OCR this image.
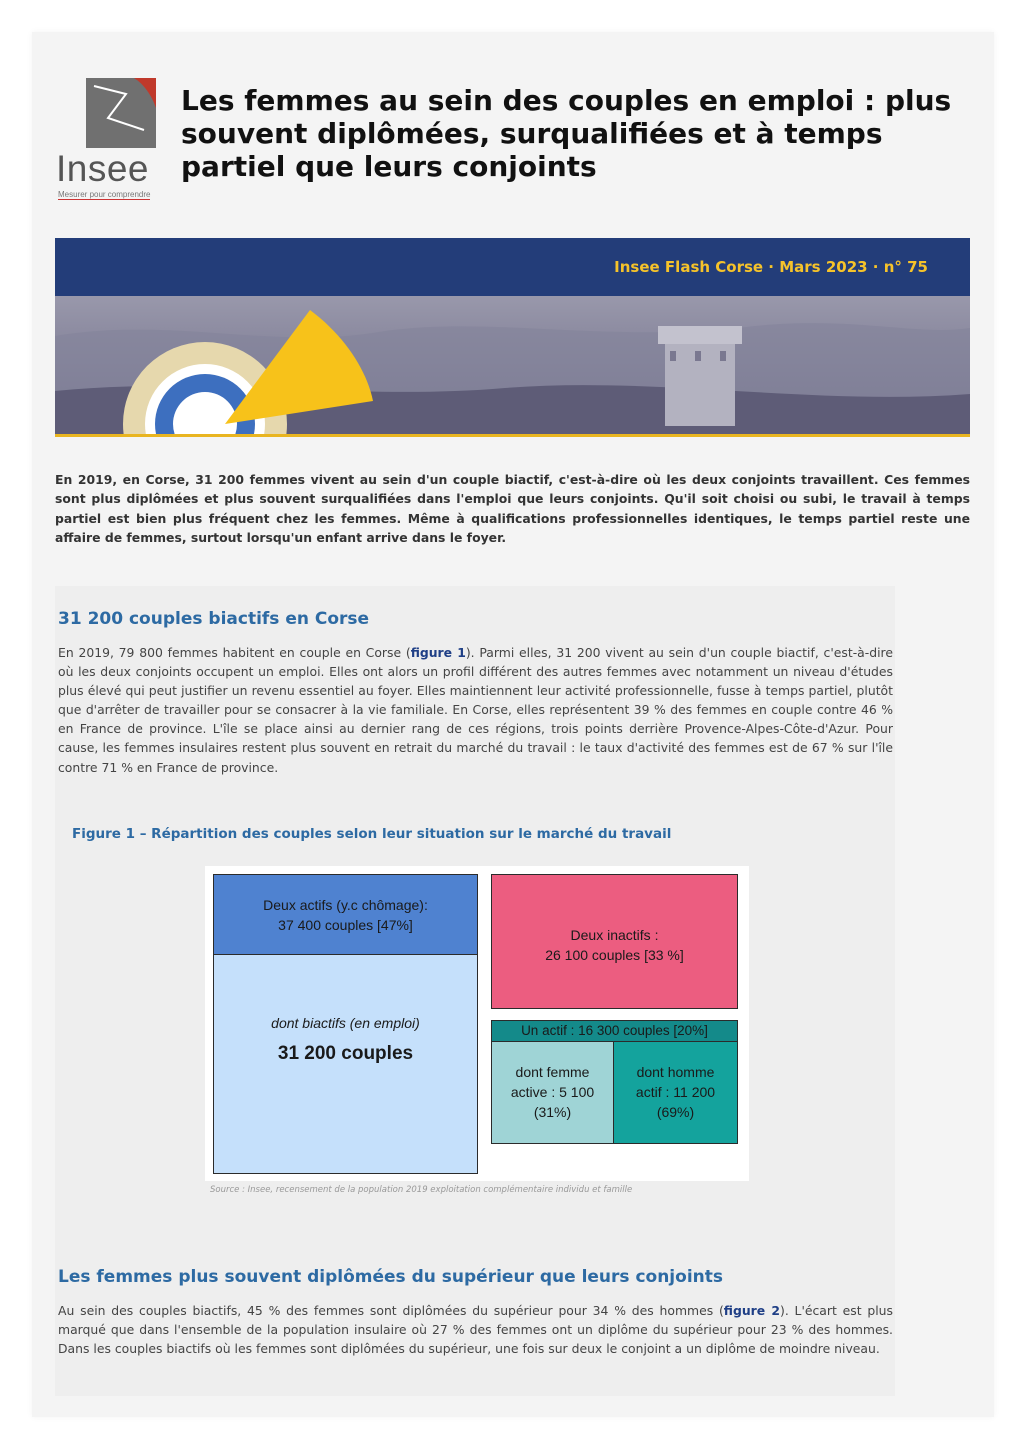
Insee
Mesurer pour comprendre
Les femmes au sein des couples en emploi : plus souvent diplômées, surqualifiées et à temps partiel que leurs conjoints
Insee Flash Corse · Mars 2023 · n° 75

En 2019, en Corse, 31 200 femmes vivent au sein d'un couple biactif, c'est-à-dire où les deux conjoints travaillent. Ces femmes sont plus diplômées et plus souvent surqualifiées dans l'emploi que leurs conjoints. Qu'il soit choisi ou subi, le travail à temps partiel est bien plus fréquent chez les femmes. Même à qualifications professionnelles identiques, le temps partiel reste une affaire de femmes, surtout lorsqu'un enfant arrive dans le foyer.

31 200 couples biactifs en Corse

En 2019, 79 800 femmes habitent en couple en Corse (figure 1). Parmi elles, 31 200 vivent au sein d'un couple biactif, c'est-à-dire où les deux conjoints occupent un emploi. Elles ont alors un profil différent des autres femmes avec notamment un niveau d'études plus élevé qui peut justifier un revenu essentiel au foyer. Elles maintiennent leur activité professionnelle, fusse à temps partiel, plutôt que d'arrêter de travailler pour se consacrer à la vie familiale. En Corse, elles représentent 39 % des femmes en couple contre 46 % en France de province. L'île se place ainsi au dernier rang de ces régions, trois points derrière Provence-Alpes-Côte-d'Azur. Pour cause, les femmes insulaires restent plus souvent en retrait du marché du travail : le taux d'activité des femmes est de 67 % sur l'île contre 71 % en France de province.

Figure 1 – Répartition des couples selon leur situation sur le marché du travail

Deux actifs (y.c chômage):
37 400 couples [47%]
dont biactifs (en emploi)
31 200 couples
Deux inactifs :
26 100 couples [33 %]
Un actif : 16 300 couples [20%]
dont femme
active : 5 100
(31%)
dont homme
actif : 11 200
(69%)
Source : Insee, recensement de la population 2019 exploitation complémentaire individu et famille
Les femmes plus souvent diplômées du supérieur que leurs conjoints

Au sein des couples biactifs, 45 % des femmes sont diplômées du supérieur pour 34 % des hommes (figure 2). L'écart est plus marqué que dans l'ensemble de la population insulaire où 27 % des femmes ont un diplôme du supérieur pour 23 % des hommes. Dans les couples biactifs où les femmes sont diplômées du supérieur, une fois sur deux le conjoint a un diplôme de moindre niveau.
